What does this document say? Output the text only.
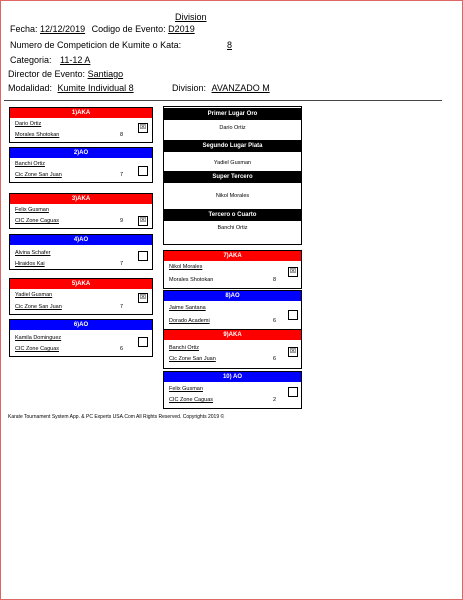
Division
Fecha: 12/12/2019 Codigo de Evento: D2019
Numero de Competicion de Kumite o Kata:	8
Categoria: 11-12 A
Director de Evento: Santiago
Modalidad: Kumite Individual 8	Division: AVANZADO M
1)AKA
Dario Ortiz
Morales Shotokan	8
☒
2)AO
Banchi Ortiz
Cic Zone San Juan	7
3)AKA
Felix Gusman
CIC Zone Caguas	9 ☒
4)AO
Alvina Schafer
Hiraidos Kai	7
5)AKA
Yadiel Gusman
Cic Zone San Juan	7
☒
6)AO
Kamila Dominguez
CIC Zone Caguas	6
7)AKA
Nikol Morales
Morales Shotokan	8
☒
8)AO
Jaime Santana
Dorado Academi	6
9)AKA
Banchi Ortiz
Cic Zone San Juan	6
☒
10) AO
Felix Gusman
CIC Zone Caguas	2
Primer Lugar Oro
Dario Ortiz
Segundo Lugar Plata
Yadiel Gusman
Super Tercero
Nikol Morales
Tercero o Cuarto
Banchi Ortiz
Karate Tournament System App. & PC Experts USA.Com All Rights Reserved. Copyrights 2019 ©
